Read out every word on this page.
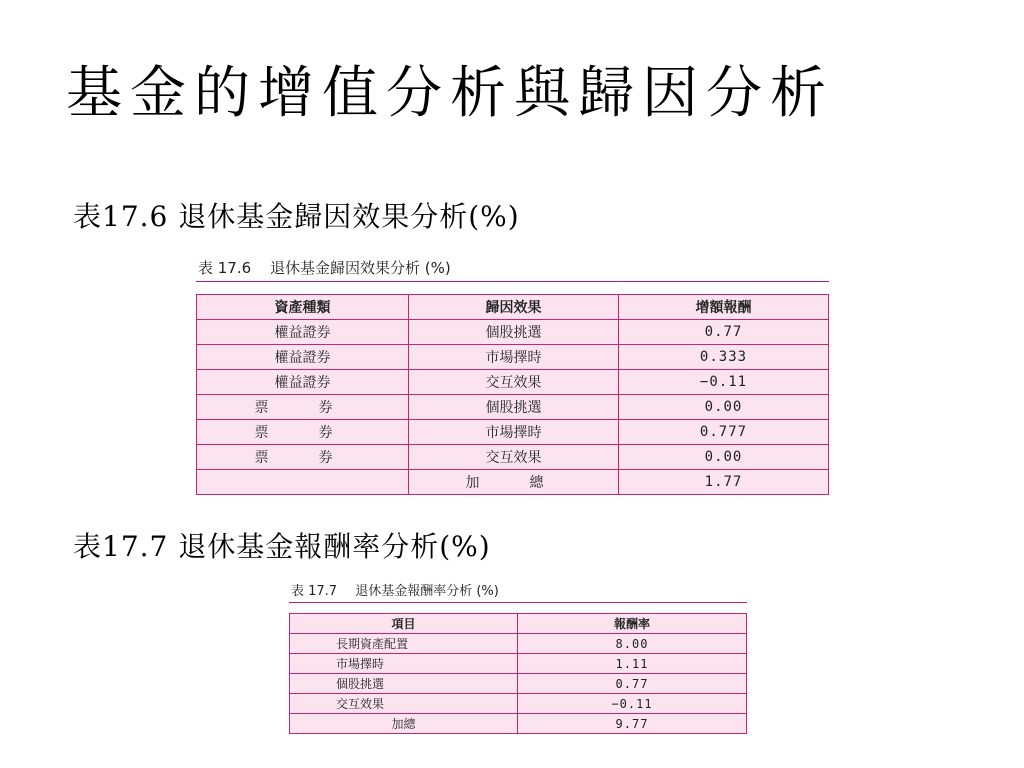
基金的增值分析與歸因分析
表17.6 退休基金歸因效果分析(%)
表 17.6 退休基金歸因效果分析 (%)
資產種類	歸因效果	增額報酬
權益證券	個股挑選	0.77
權益證券	市場擇時	0.333
權益證券	交互效果	−0.11
票　券	個股挑選	0.00
票　券	市場擇時	0.777
票　券	交互效果	0.00
	加　總	1.77
表17.7 退休基金報酬率分析(%)
表 17.7 退休基金報酬率分析 (%)
項目	報酬率
長期資產配置	8.00
市場擇時	1.11
個股挑選	0.77
交互效果	−0.11
加總	9.77
